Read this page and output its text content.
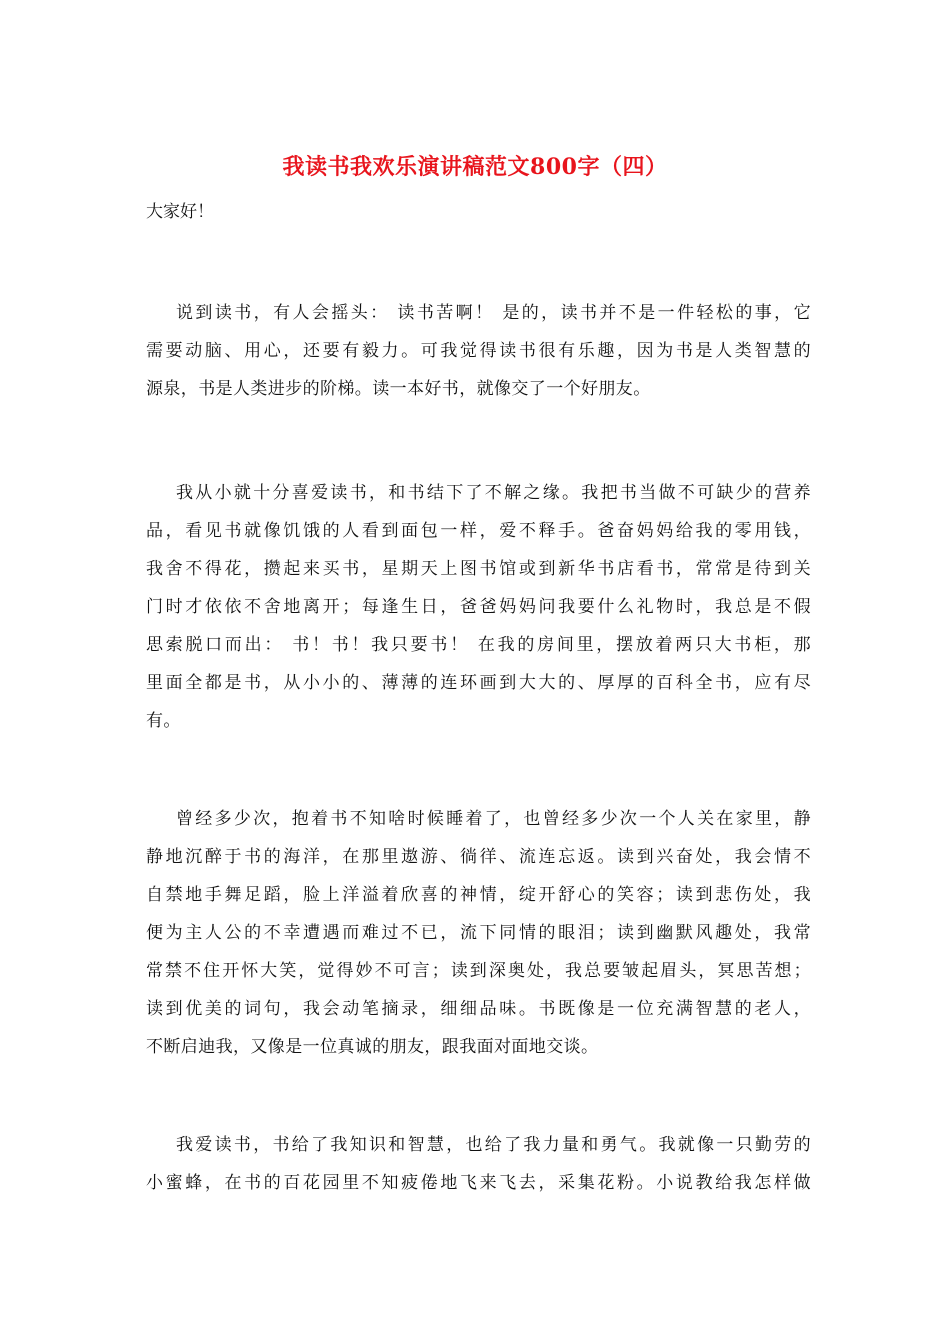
我读书我欢乐演讲稿范文800字（四）
大家好！
说到读书，有人会摇头： 读书苦啊！ 是的，读书并不是一件轻松的事，它
需要动脑、用心，还要有毅力。可我觉得读书很有乐趣，因为书是人类智慧的
源泉，书是人类进步的阶梯。读一本好书，就像交了一个好朋友。
我从小就十分喜爱读书，和书结下了不解之缘。我把书当做不可缺少的营养
品，看见书就像饥饿的人看到面包一样，爱不释手。爸奋妈妈给我的零用钱，
我舍不得花，攒起来买书，星期天上图书馆或到新华书店看书，常常是待到关
门时才依依不舍地离开；每逢生日，爸爸妈妈问我要什么礼物时，我总是不假
思索脱口而出： 书！书！我只要书！ 在我的房间里，摆放着两只大书柜，那
里面全都是书，从小小的、薄薄的连环画到大大的、厚厚的百科全书，应有尽
有。
曾经多少次，抱着书不知啥时候睡着了，也曾经多少次一个人关在家里，静
静地沉醉于书的海洋，在那里遨游、徜徉、流连忘返。读到兴奋处，我会情不
自禁地手舞足蹈，脸上洋溢着欣喜的神情，绽开舒心的笑容；读到悲伤处，我
便为主人公的不幸遭遇而难过不已，流下同情的眼泪；读到幽默风趣处，我常
常禁不住开怀大笑，觉得妙不可言；读到深奥处，我总要皱起眉头，冥思苦想；
读到优美的词句，我会动笔摘录，细细品味。书既像是一位充满智慧的老人，
不断启迪我，又像是一位真诚的朋友，跟我面对面地交谈。
我爱读书，书给了我知识和智慧，也给了我力量和勇气。我就像一只勤劳的
小蜜蜂，在书的百花园里不知疲倦地飞来飞去，采集花粉。小说教给我怎样做
